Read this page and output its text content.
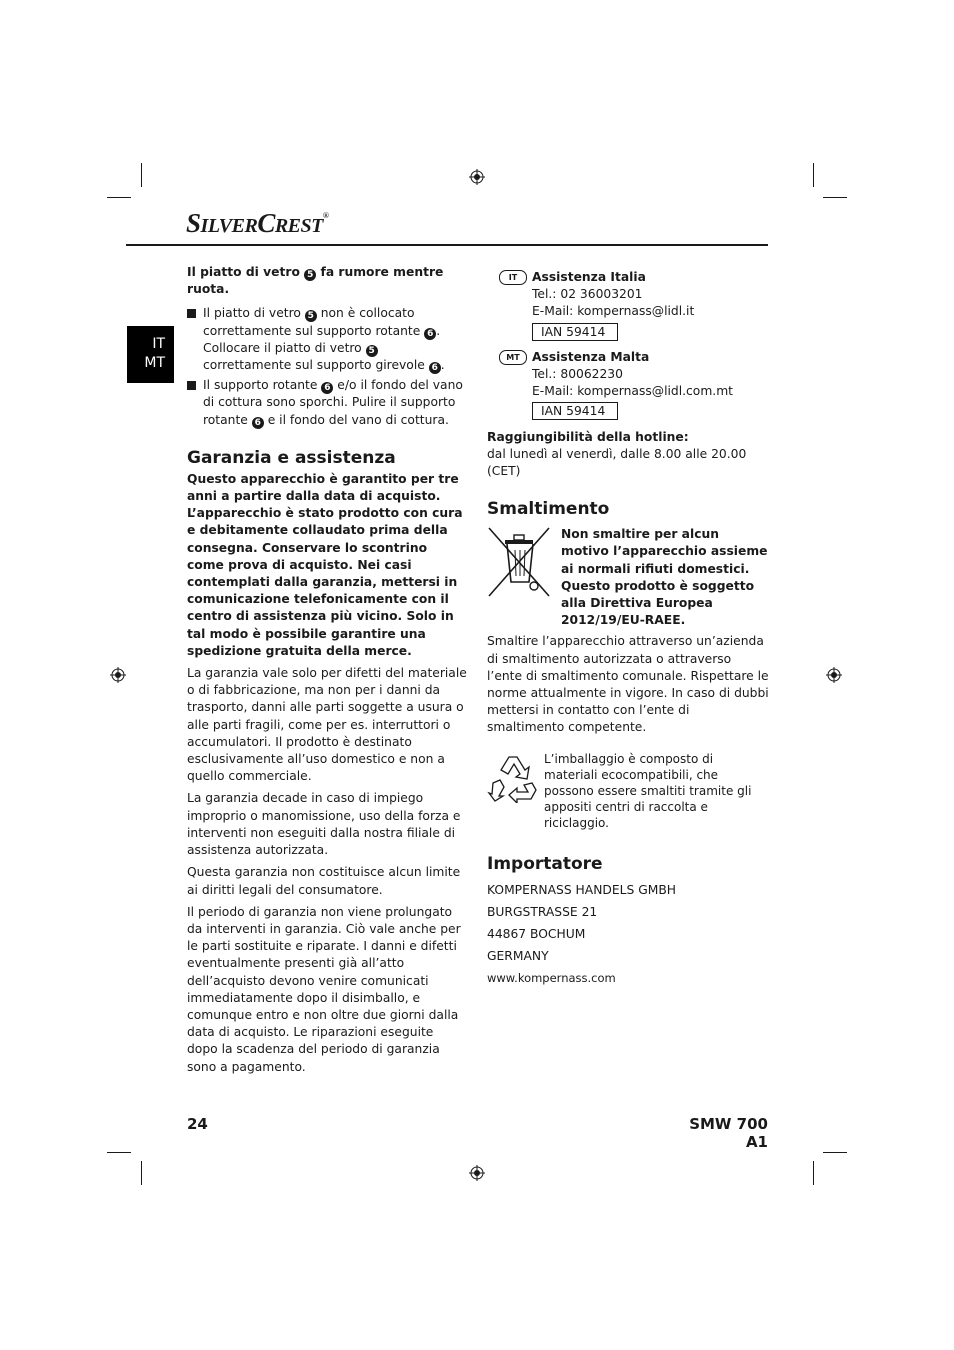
SILVERCREST®
IT
MT

Il piatto di vetro 5 fa rumore mentre ruota.

Il piatto di vetro 5 non è collocato correttamente sul supporto rotante 6 . Collocare il piatto di vetro 5 correttamente sul supporto girevole 6 .
Il supporto rotante 6 e/o il fondo del vano di cottura sono sporchi. Pulire il supporto rotante 6 e il fondo del vano di cottura.
Garanzia e assistenza

Questo apparecchio è garantito per tre anni a partire dalla data di acquisto. L’apparecchio è stato prodotto con cura e debitamente collaudato prima della consegna. Conservare lo scontrino come prova di acquisto. Nei casi contemplati dalla garanzia, mettersi in comunicazione telefonicamente con il centro di assistenza più vicino. Solo in tal modo è possibile garantire una spedizione gratuita della merce.

La garanzia vale solo per difetti del materiale o di fabbricazione, ma non per i danni da trasporto, danni alle parti soggette a usura o alle parti fragili, come per es. interruttori o accumulatori. Il prodotto è destinato esclusivamente all’uso domestico e non a quello commerciale.

La garanzia decade in caso di impiego improprio o manomissione, uso della forza e interventi non eseguiti dalla nostra filiale di assistenza autorizzata.

Questa garanzia non costituisce alcun limite ai diritti legali del consumatore.

Il periodo di garanzia non viene prolungato da interventi in garanzia. Ciò vale anche per le parti sostituite e riparate. I danni e difetti eventualmente presenti già all’atto dell’acquisto devono venire comunicati immediatamente dopo il disimballo, e comunque entro e non oltre due giorni dalla data di acquisto. Le riparazioni eseguite dopo la scadenza del periodo di garanzia sono a pagamento.

IT	Assistenza Italia
Tel.: 02 36003201
E-Mail: kompernass@lidl.it
IAN 59414
MT Assistenza Malta
Tel.: 80062230
E-Mail: kompernass@lidl.com.mt
IAN 59414
Raggiungibilità della hotline:
dal lunedì al venerdì, dalle 8.00 alle 20.00 (CET)
Smaltimento
Non smaltire per alcun motivo l’apparecchio assieme ai normali rifiuti domestici. Questo prodotto è soggetto alla Direttiva Europea 2012/19/EU-RAEE.

Smaltire l’apparecchio attraverso un’azienda di smaltimento autorizzata o attraverso l’ente di smaltimento comunale. Rispettare le norme attualmente in vigore. In caso di dubbi mettersi in contatto con l’ente di smaltimento competente.

L’imballaggio è composto di materiali ecocompatibili, che possono essere smaltiti tramite gli appositi centri di raccolta e riciclaggio.
Importatore
KOMPERNASS HANDELS GMBH
BURGSTRASSE 21
44867 BOCHUM
GERMANY
www.kompernass.com
24	SMW 700 A1
